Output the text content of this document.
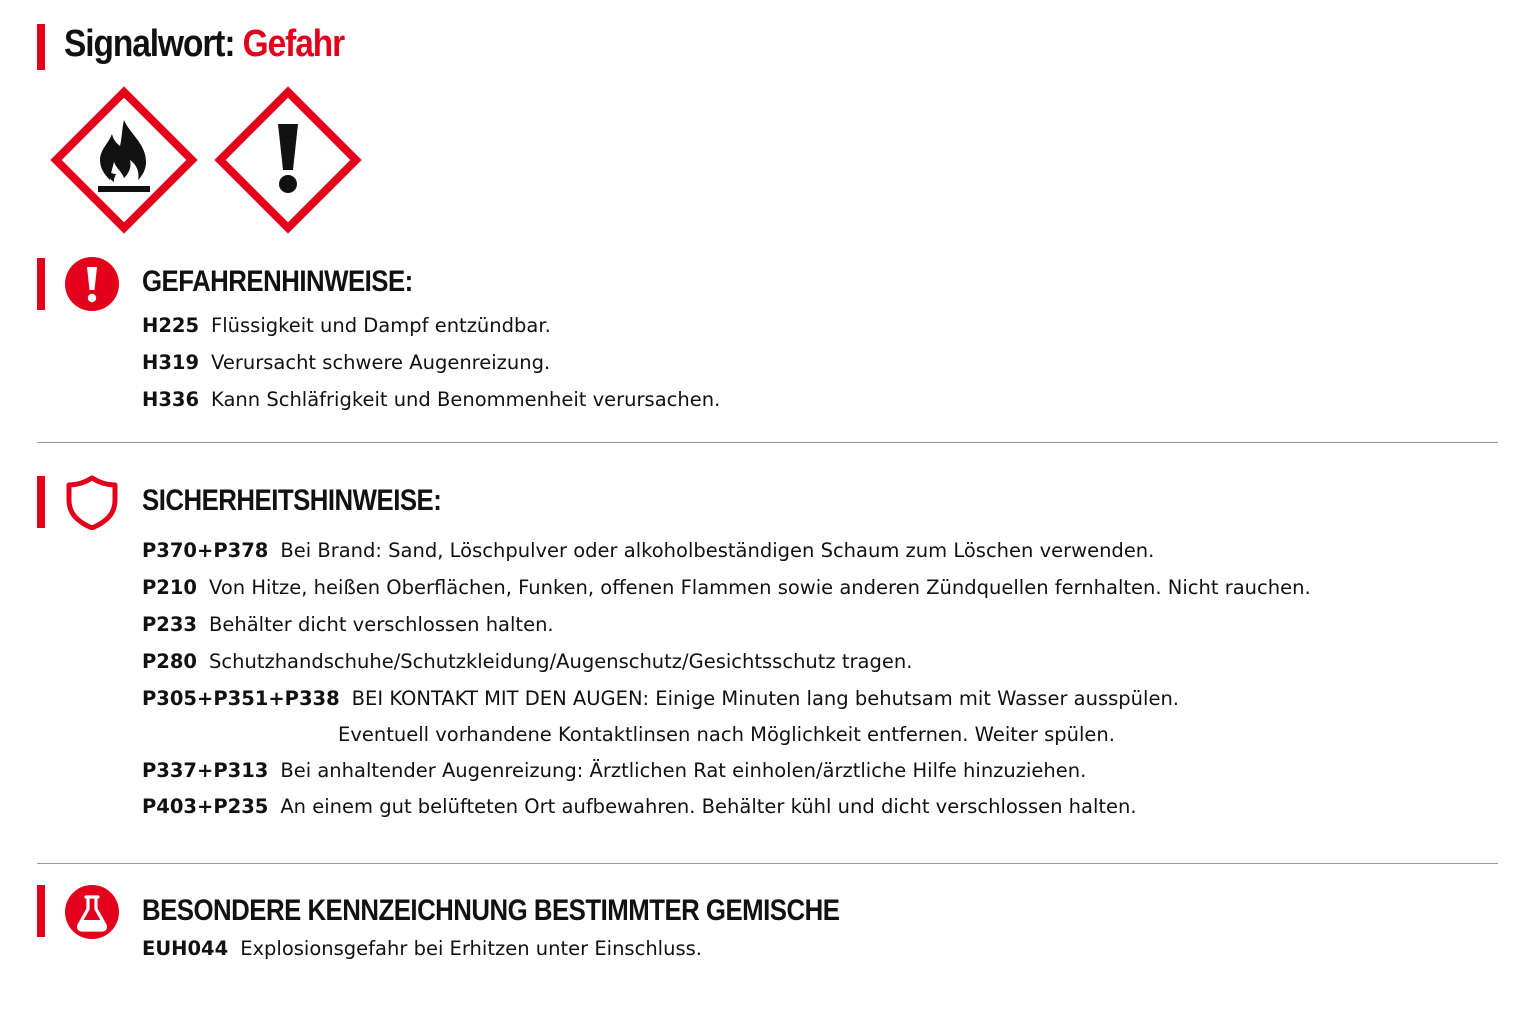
Signalwort: Gefahr
GEFAHRENHINWEISE:

H225 Flüssigkeit und Dampf entzündbar.

H319 Verursacht schwere Augenreizung.

H336 Kann Schläfrigkeit und Benommenheit verursachen.

SICHERHEITSHINWEISE:

P370+P378 Bei Brand: Sand, Löschpulver oder alkoholbeständigen Schaum zum Löschen verwenden.

P210 Von Hitze, heißen Oberflächen, Funken, offenen Flammen sowie anderen Zündquellen fernhalten. Nicht rauchen.

P233 Behälter dicht verschlossen halten.

P280 Schutzhandschuhe/Schutzkleidung/Augenschutz/Gesichtsschutz tragen.

P305+P351+P338 BEI KONTAKT MIT DEN AUGEN: Einige Minuten lang behutsam mit Wasser ausspülen.

Eventuell vorhandene Kontaktlinsen nach Möglichkeit entfernen. Weiter spülen.

P337+P313 Bei anhaltender Augenreizung: Ärztlichen Rat einholen/ärztliche Hilfe hinzuziehen.

P403+P235 An einem gut belüfteten Ort aufbewahren. Behälter kühl und dicht verschlossen halten.

BESONDERE KENNZEICHNUNG BESTIMMTER GEMISCHE

EUH044 Explosionsgefahr bei Erhitzen unter Einschluss.
